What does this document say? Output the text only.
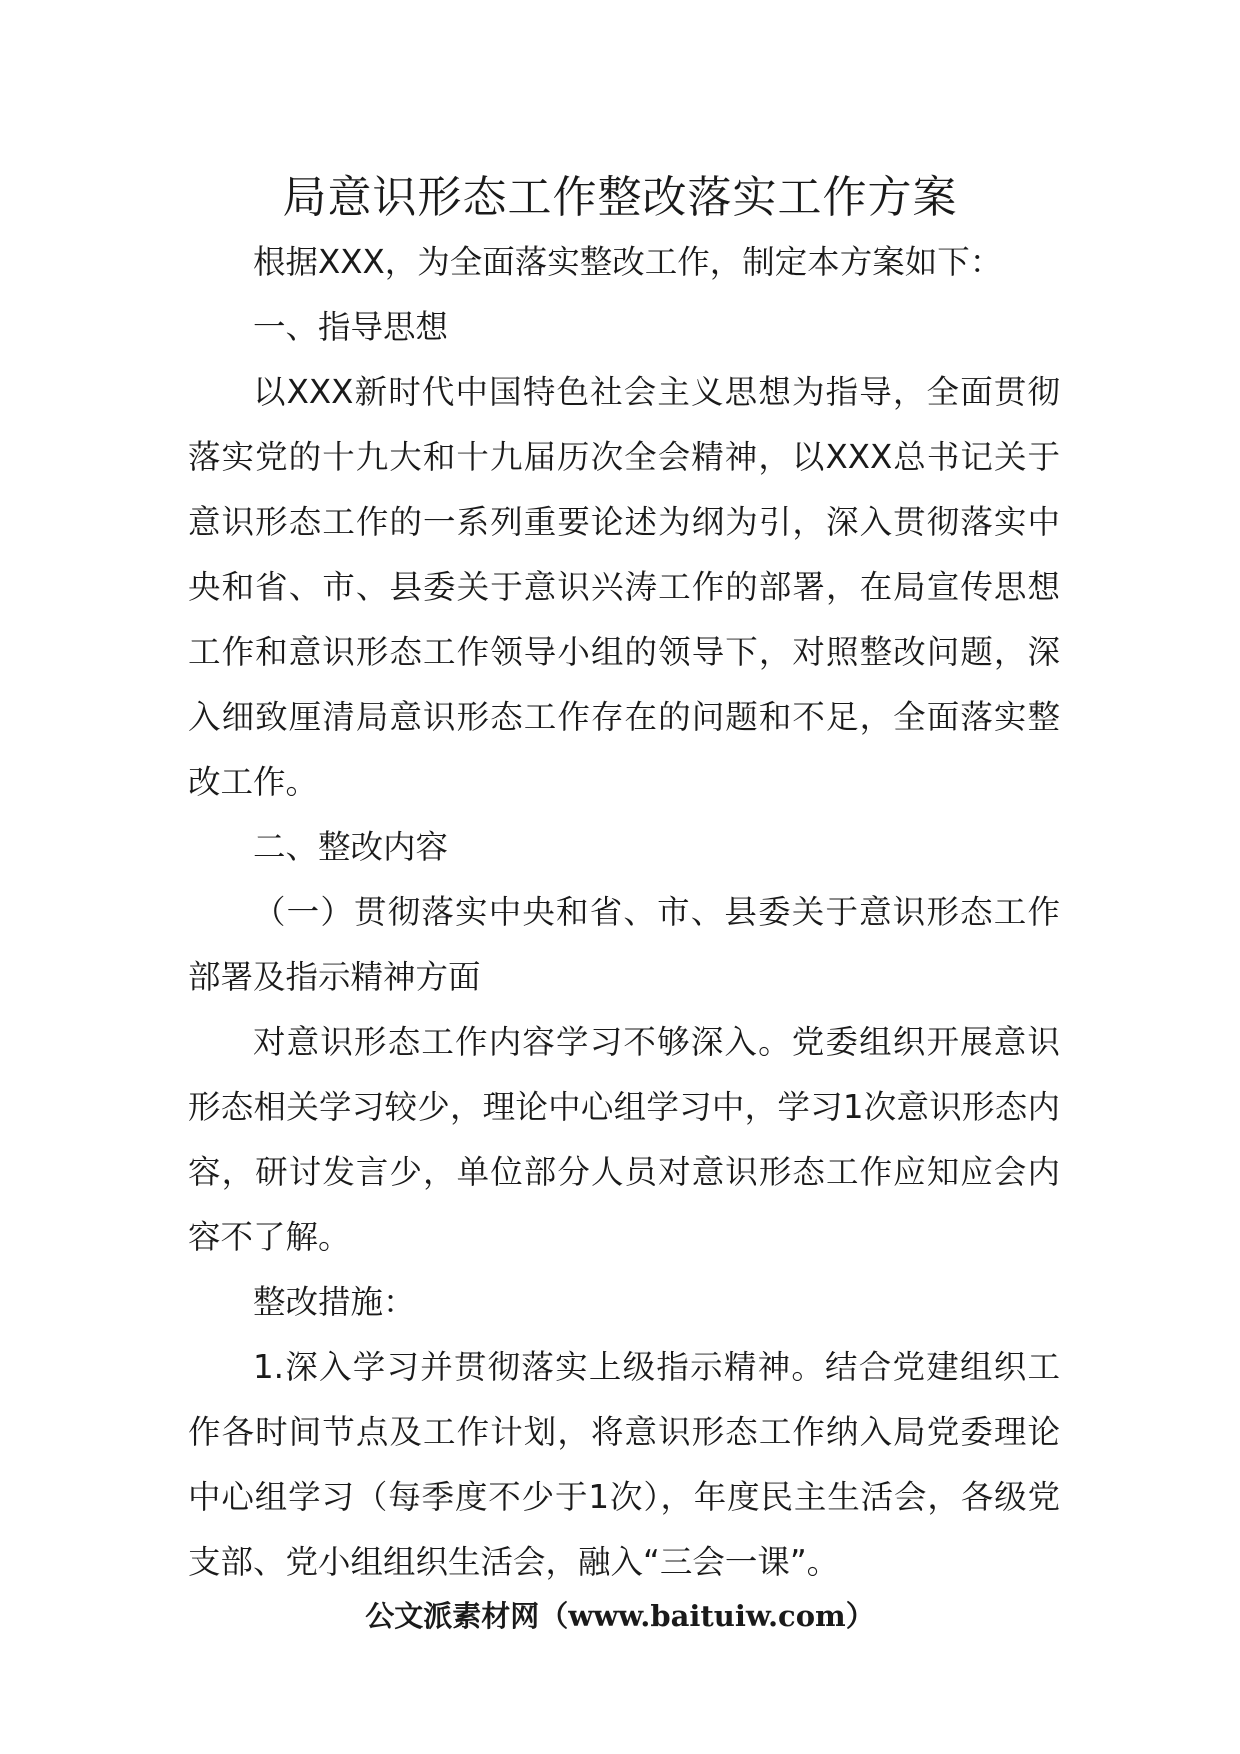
局意识形态工作整改落实工作方案

根据XXX，为全面落实整改工作，制定本方案如下：

一、指导思想

以XXX新时代中国特色社会主义思想为指导，全面贯彻落实党的十九大和十九届历次全会精神，以XXX总书记关于意识形态工作的一系列重要论述为纲为引，深入贯彻落实中央和省、市、县委关于意识兴涛工作的部署，在局宣传思想工作和意识形态工作领导小组的领导下，对照整改问题，深入细致厘清局意识形态工作存在的问题和不足，全面落实整改工作。

二、整改内容

（一）贯彻落实中央和省、市、县委关于意识形态工作部署及指示精神方面

对意识形态工作内容学习不够深入。党委组织开展意识形态相关学习较少，理论中心组学习中，学习1次意识形态内容，研讨发言少，单位部分人员对意识形态工作应知应会内容不了解。

整改措施：

1.深入学习并贯彻落实上级指示精神。结合党建组织工作各时间节点及工作计划，将意识形态工作纳入局党委理论中心组学习（每季度不少于1次），年度民主生活会，各级党支部、党小组组织生活会，融入“三会一课”。

公文派素材网（www.baituiw.com）
